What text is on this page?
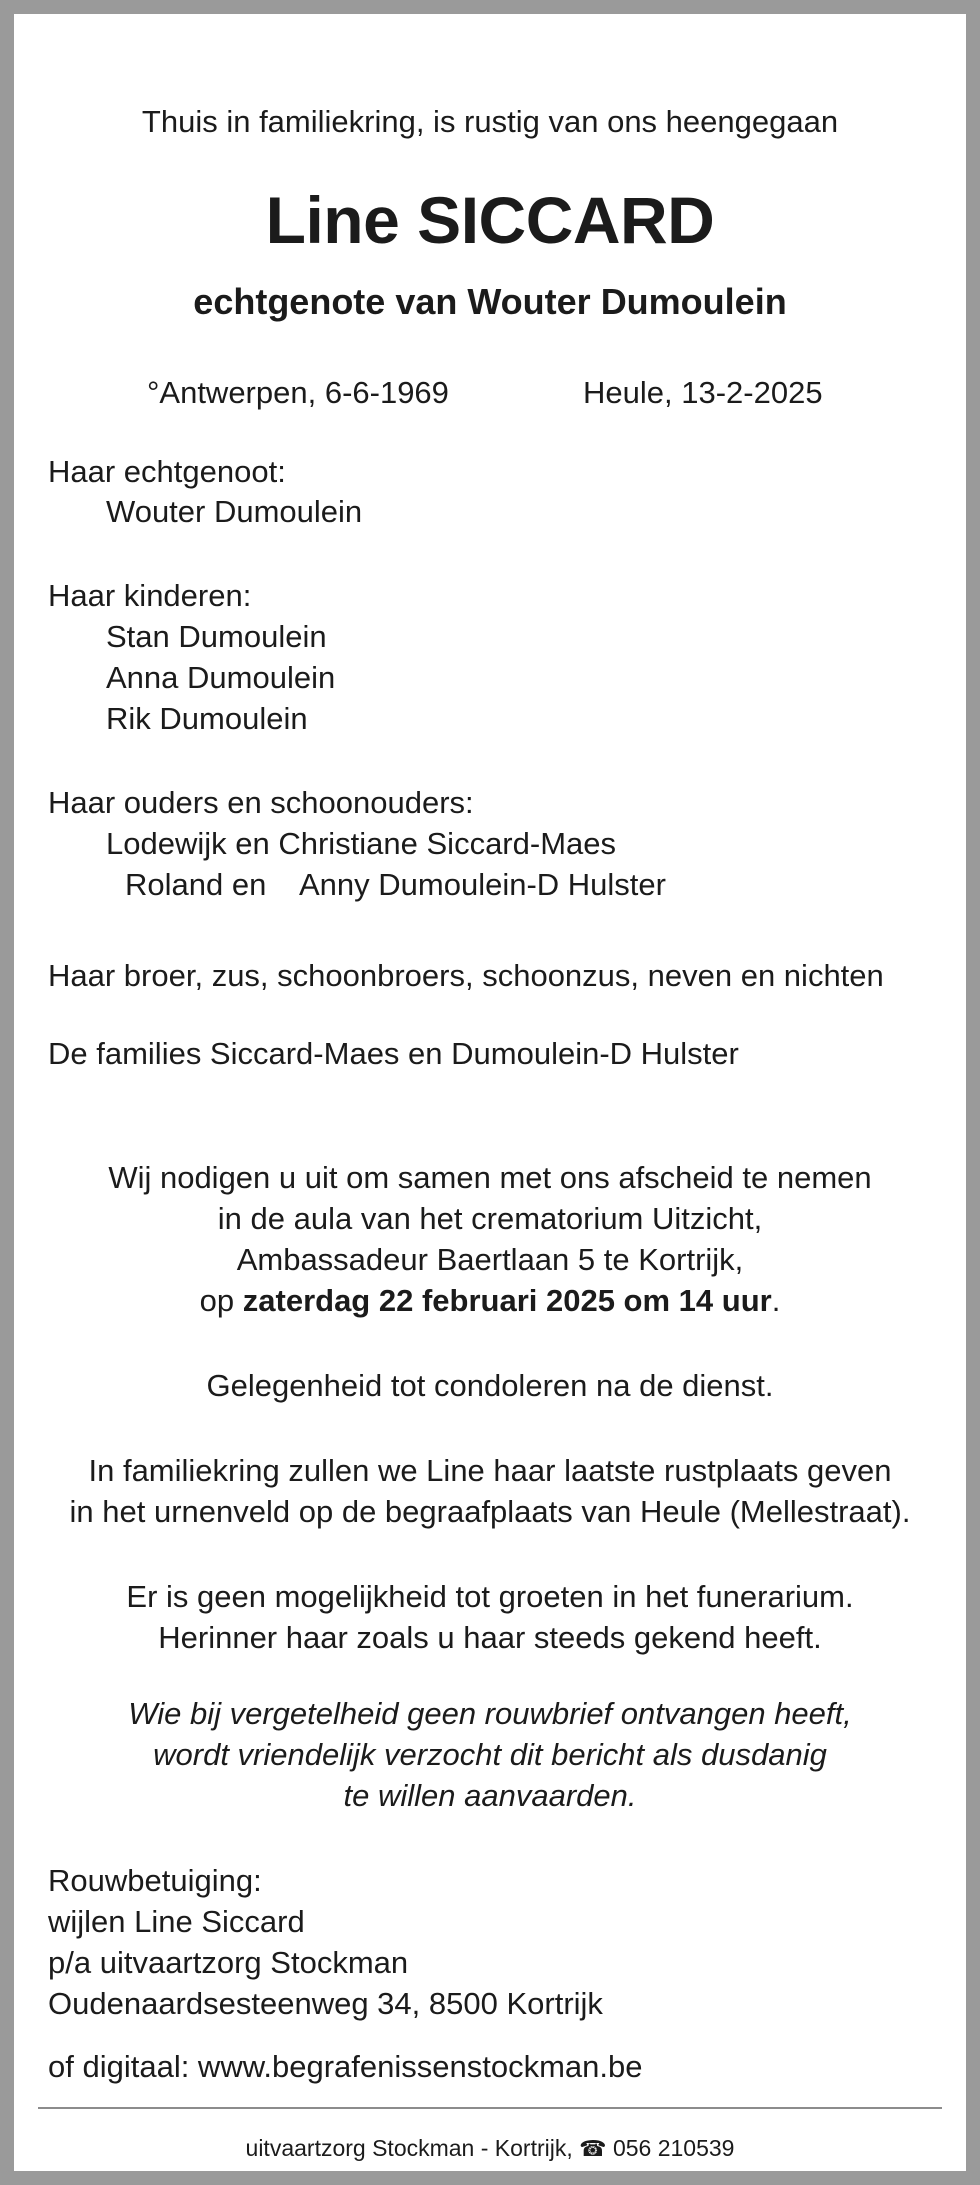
Thuis in familiekring, is rustig van ons heengegaan
Line SICCARD
echtgenote van Wouter Dumoulein
°Antwerpen, 6-6-1969	Heule, 13-2-2025
Haar echtgenoot:
Wouter Dumoulein
Haar kinderen:
Stan Dumoulein
Anna Dumoulein
Rik Dumoulein
Haar ouders en schoonouders:
Lodewijk en Christiane Siccard-Maes
Roland en Anny Dumoulein-D Hulster
Haar broer, zus, schoonbroers, schoonzus, neven en nichten
De families Siccard-Maes en Dumoulein-D Hulster
Wij nodigen u uit om samen met ons afscheid te nemen
in de aula van het crematorium Uitzicht,
Ambassadeur Baertlaan 5 te Kortrijk,
op zaterdag 22 februari 2025 om 14 uur.
Gelegenheid tot condoleren na de dienst.
In familiekring zullen we Line haar laatste rustplaats geven
in het urnenveld op de begraafplaats van Heule (Mellestraat).
Er is geen mogelijkheid tot groeten in het funerarium.
Herinner haar zoals u haar steeds gekend heeft.
Wie bij vergetelheid geen rouwbrief ontvangen heeft,
wordt vriendelijk verzocht dit bericht als dusdanig
te willen aanvaarden.
Rouwbetuiging:
wijlen Line Siccard
p/a uitvaartzorg Stockman
Oudenaardsesteenweg 34, 8500 Kortrijk
of digitaal: www.begrafenissenstockman.be
uitvaartzorg Stockman - Kortrijk, ☎ 056 210539
